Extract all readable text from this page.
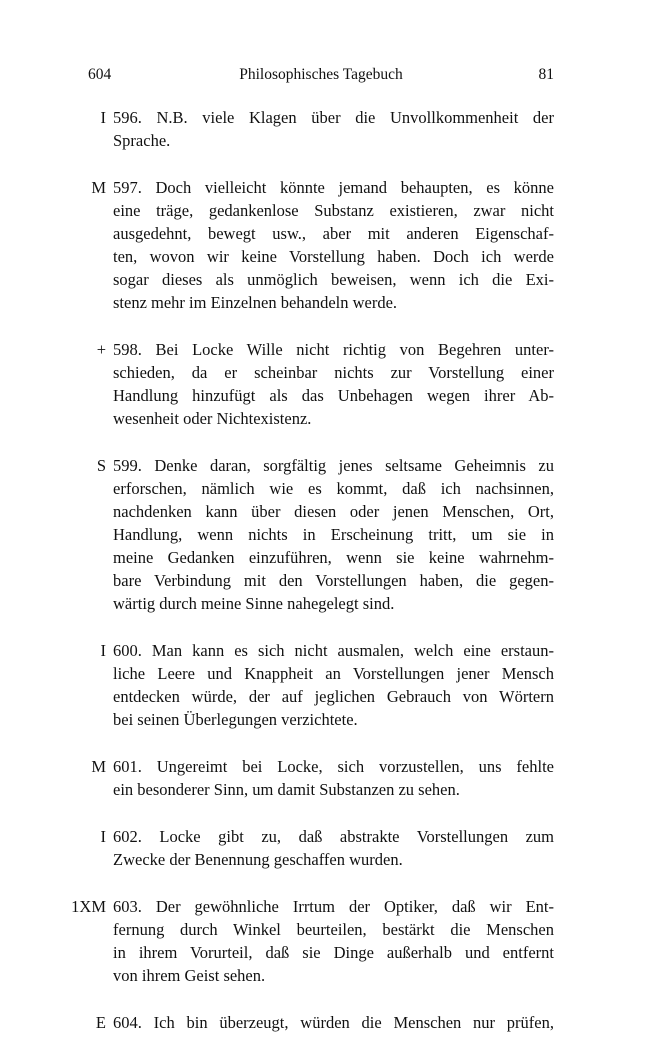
604	Philosophisches Tagebuch	81
I 596. N.B. viele Klagen über die Unvollkommenheit der
Sprache.
M 597. Doch vielleicht könnte jemand behaupten, es könne
eine träge, gedankenlose Substanz existieren, zwar nicht
ausgedehnt, bewegt usw., aber mit anderen Eigenschaf-
ten, wovon wir keine Vorstellung haben. Doch ich werde
sogar dieses als unmöglich beweisen, wenn ich die Exi-
stenz mehr im Einzelnen behandeln werde.
+ 598. Bei Locke Wille nicht richtig von Begehren unter-
schieden, da er scheinbar nichts zur Vorstellung einer
Handlung hinzufügt als das Unbehagen wegen ihrer Ab-
wesenheit oder Nichtexistenz.
S 599. Denke daran, sorgfältig jenes seltsame Geheimnis zu
erforschen, nämlich wie es kommt, daß ich nachsinnen,
nachdenken kann über diesen oder jenen Menschen, Ort,
Handlung, wenn nichts in Erscheinung tritt, um sie in
meine Gedanken einzuführen, wenn sie keine wahrnehm-
bare Verbindung mit den Vorstellungen haben, die gegen-
wärtig durch meine Sinne nahegelegt sind.
I 600. Man kann es sich nicht ausmalen, welch eine erstaun-
liche Leere und Knappheit an Vorstellungen jener Mensch
entdecken würde, der auf jeglichen Gebrauch von Wörtern
bei seinen Überlegungen verzichtete.
M 601. Ungereimt bei Locke, sich vorzustellen, uns fehlte
ein besonderer Sinn, um damit Substanzen zu sehen.
I 602. Locke gibt zu, daß abstrakte Vorstellungen zum
Zwecke der Benennung geschaffen wurden.
1XM 603. Der gewöhnliche Irrtum der Optiker, daß wir Ent-
fernung durch Winkel beurteilen, bestärkt die Menschen
in ihrem Vorurteil, daß sie Dinge außerhalb und entfernt
von ihrem Geist sehen.
E 604. Ich bin überzeugt, würden die Menschen nur prüfen,
